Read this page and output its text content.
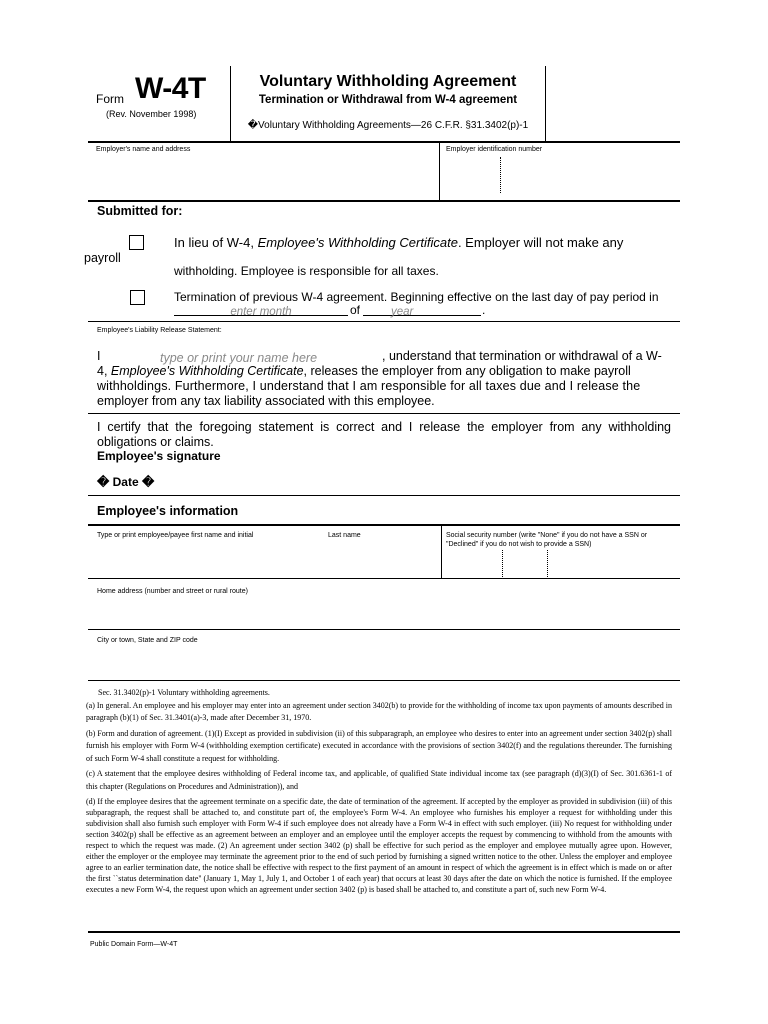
Form W-4T
(Rev. November 1998)
Voluntary Withholding Agreement
Termination or Withdrawal from W-4 agreement
�Voluntary Withholding Agreements—26 C.F.R. §31.3402(p)-1
Employer's name and address	Employer identification number
Submitted for:
payroll
In lieu of W-4, Employee's Withholding Certificate. Employer will not make any
withholding. Employee is responsible for all taxes.
Termination of previous W-4 agreement. Beginning effective on the last day of pay period in
enter month	of	year	.
Employee's Liability Release Statement:
I	type or print your name here	, understand that termination or withdrawal of a W-
4, Employee's Withholding Certificate, releases the employer from any obligation to make payroll
withholdings. Furthermore, I understand that I am responsible for all taxes due and I release the
employer from any tax liability associated with this employee.
I certify that the foregoing statement is correct and I release the employer from any withholding obligations or claims.
Employee's signature
� Date �
Employee's information
Type or print employee/payee first name and initial	Last name	Social security number (write "None" if you do not have a SSN or "Declined" if you do not wish to provide a SSN)
Home address (number and street or rural route)
City or town, State and ZIP code

Sec. 31.3402(p)-1 Voluntary withholding agreements.

(a) In general. An employee and his employer may enter into an agreement under section 3402(b) to provide for the withholding of income tax upon payments of amounts described in paragraph (b)(1) of Sec. 31.3401(a)-3, made after December 31, 1970.

(b) Form and duration of agreement. (1)(I) Except as provided in subdivision (ii) of this subparagraph, an employee who desires to enter into an agreement under section 3402(p) shall furnish his employer with Form W-4 (withholding exemption certificate) executed in accordance with the provisions of section 3402(f) and the regulations thereunder. The furnishing of such Form W-4 shall constitute a request for withholding.

(c) A statement that the employee desires withholding of Federal income tax, and applicable, of qualified State individual income tax (see paragraph (d)(3)(I) of Sec. 301.6361-1 of this chapter (Regulations on Procedures and Administration)), and

(d) If the employee desires that the agreement terminate on a specific date, the date of termination of the agreement. If accepted by the employer as provided in subdivision (iii) of this subparagraph, the request shall be attached to, and constitute part of, the employee's Form W-4. An employee who furnishes his employer a request for withholding under this subdivision shall also furnish such employer with Form W-4 if such employee does not already have a Form W-4 in effect with such employer. (iii) No request for withholding under section 3402(p) shall be effective as an agreement between an employer and an employee until the employer accepts the request by commencing to withhold from the amounts with respect to which the request was made. (2) An agreement under section 3402 (p) shall be effective for such period as the employer and employee mutually agree upon. However, either the employer or the employee may terminate the agreement prior to the end of such period by furnishing a signed written notice to the other. Unless the employer and employee agree to an earlier termination date, the notice shall be effective with respect to the first payment of an amount in respect of which the agreement is in effect which is made on or after the first ``status determination date'' (January 1, May 1, July 1, and October 1 of each year) that occurs at least 30 days after the date on which the notice is furnished. If the employee executes a new Form W-4, the request upon which an agreement under section 3402 (p) is based shall be attached to, and constitute a part of, such new Form W-4.

Public Domain Form—W-4T
